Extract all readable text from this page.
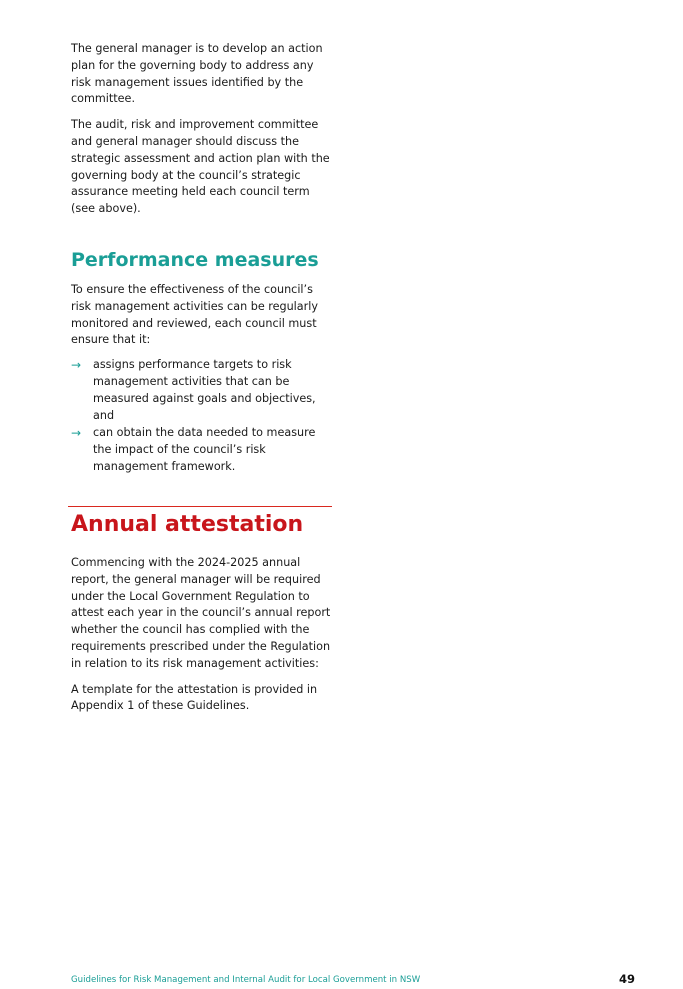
The general manager is to develop an action plan for the governing body to address any risk management issues identified by the committee.

The audit, risk and improvement committee and general manager should discuss the strategic assessment and action plan with the governing body at the council’s strategic assurance meeting held each council term (see above).

Performance measures

To ensure the effectiveness of the council’s risk management activities can be regularly monitored and reviewed, each council must ensure that it:

→ assigns performance targets to risk management activities that can be measured against goals and objectives, and
→ can obtain the data needed to measure the impact of the council’s risk management framework.
Annual attestation

Commencing with the 2024-2025 annual report, the general manager will be required under the Local Government Regulation to attest each year in the council’s annual report whether the council has complied with the requirements prescribed under the Regulation in relation to its risk management activities:

A template for the attestation is provided in Appendix 1 of these Guidelines.

Guidelines for Risk Management and Internal Audit for Local Government in NSW	49
